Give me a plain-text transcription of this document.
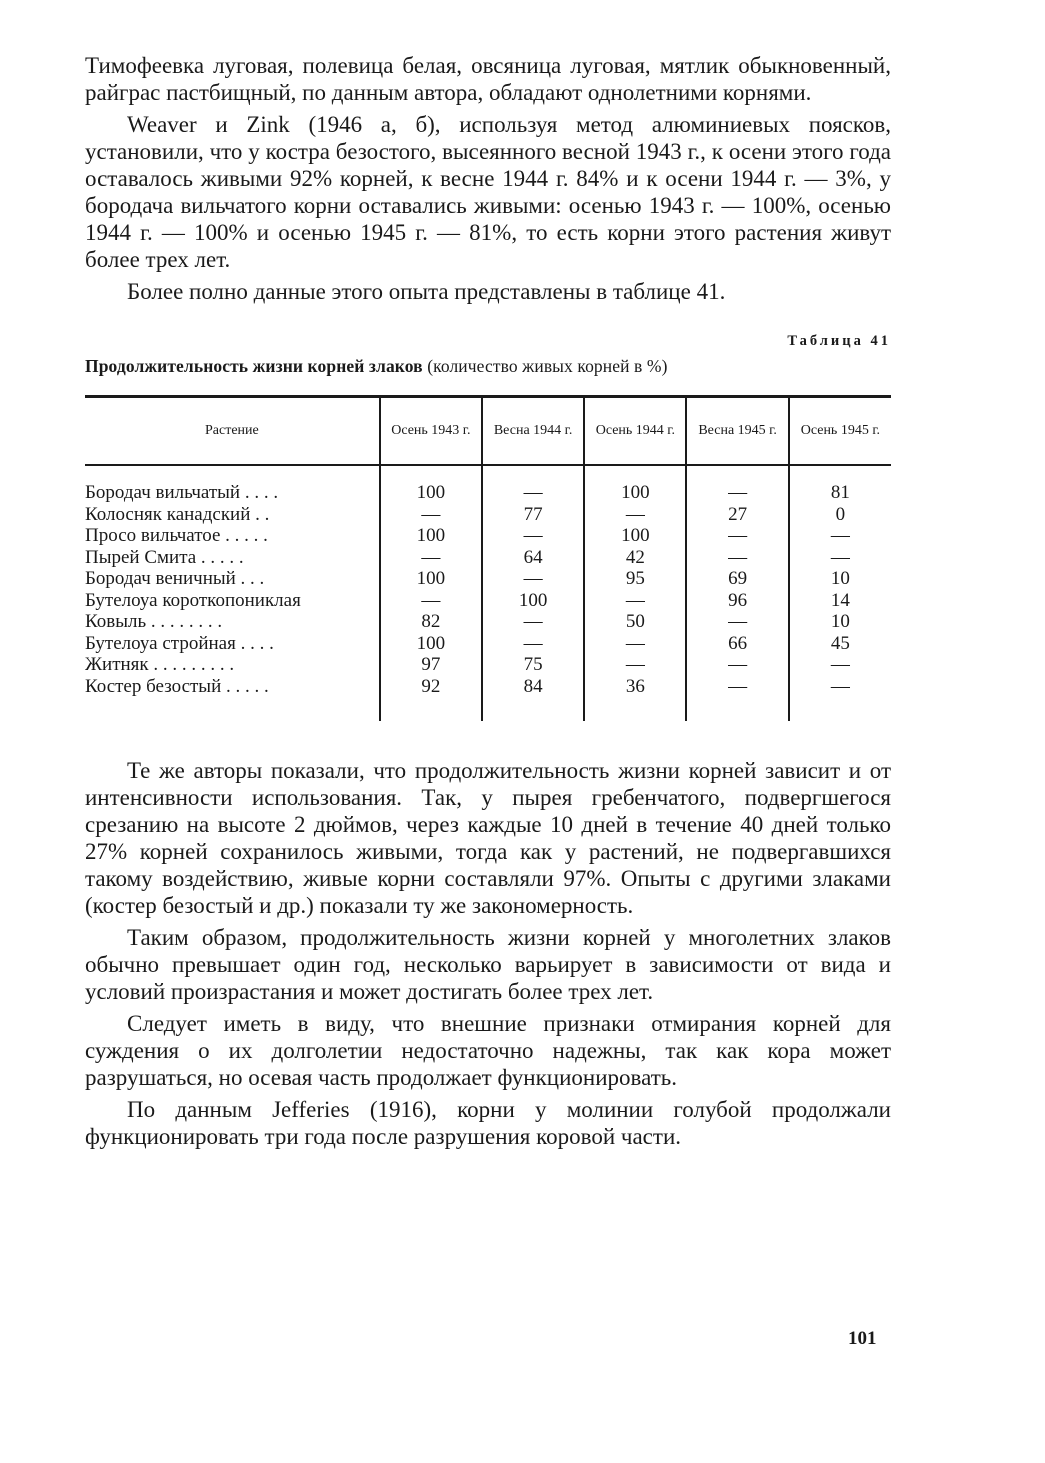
Тимофеевка луговая, полевица белая, овсяница луговая, мятлик обыкновенный, райграс пастбищный, по данным автора, обладают однолетними корнями.

Weaver и Zink (1946 а, б), используя метод алюминиевых поясков, установили, что у костра безостого, высеянного весной 1943 г., к осени этого года оставалось живыми 92% корней, к весне 1944 г. 84% и к осени 1944 г. — 3%, у бородача вильчатого корни оставались живыми: осенью 1943 г. — 100%, осенью 1944 г. — 100% и осенью 1945 г. — 81%, то есть корни этого растения живут более трех лет.

Более полно данные этого опыта представлены в таблице 41.

Таблица 41
Продолжительность жизни корней злаков (количество живых корней в %)
Растение	Осень 1943 г.	Весна 1944 г.	Осень 1944 г.	Весна 1945 г.	Осень 1945 г.
Бородач вильчатый . . . .	100	—	100	—	81
Колосняк канадский . .	—	77	—	27	0
Просо вильчатое . . . . .	100	—	100	—	—
Пырей Смита . . . . .	—	64	42	—	—
Бородач веничный . . .	100	—	95	69	10
Бутелоуа короткопониклая	—	100	—	96	14
Ковыль . . . . . . . .	82	—	50	—	10
Бутелоуа стройная . . . .	100	—	—	66	45
Житняк . . . . . . . . .	97	75	—	—	—
Костер безостый . . . . .	92	84	36	—	—

Те же авторы показали, что продолжительность жизни корней зависит и от интенсивности использования. Так, у пырея гребенчатого, подвергшегося срезанию на высоте 2 дюймов, через каждые 10 дней в течение 40 дней только 27% корней сохранилось живыми, тогда как у растений, не подвергавшихся такому воздействию, живые корни составляли 97%. Опыты с другими злаками (костер безостый и др.) показали ту же закономерность.

Таким образом, продолжительность жизни корней у многолетних злаков обычно превышает один год, несколько варьирует в зависимости от вида и условий произрастания и может достигать более трех лет.

Следует иметь в виду, что внешние признаки отмирания корней для суждения о их долголетии недостаточно надежны, так как кора может разрушаться, но осевая часть продолжает функционировать.

По данным Jefferies (1916), корни у молинии голубой продолжали функционировать три года после разрушения коровой части.

101
